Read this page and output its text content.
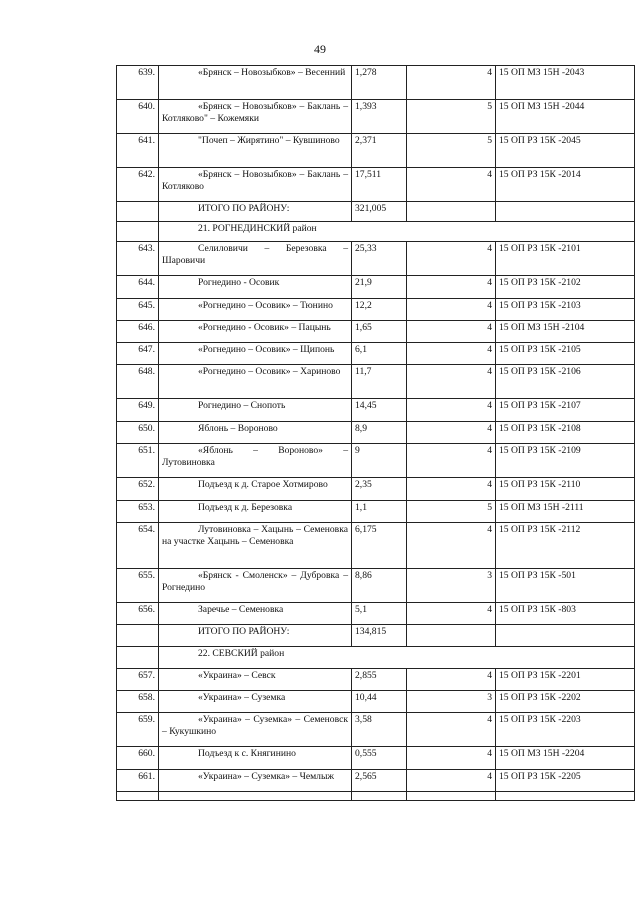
49
639.	«Брянск – Новозыбков» – Весенний	1,278	4	15 ОП МЗ 15Н -2043
640.	«Брянск – Новозыбков» – Баклань – Котляково" – Кожемяки	1,393	5	15 ОП МЗ 15Н -2044
641.	"Почеп – Жирятино" – Кувшиново	2,371	5	15 ОП РЗ 15К -2045
642.	«Брянск – Новозыбков» – Баклань – Котляково	17,511	4	15 ОП РЗ 15К -2014
	ИТОГО ПО РАЙОНУ:	321,005		
	21. РОГНЕДИНСКИЙ район			
643.	Селиловичи – Березовка – Шаровичи	25,33	4	15 ОП РЗ 15К -2101
644.	Рогнедино - Осовик	21,9	4	15 ОП РЗ 15К -2102
645.	«Рогнедино – Осовик» – Тюнино	12,2	4	15 ОП РЗ 15К -2103
646.	«Рогнедино - Осовик» – Пацынь	1,65	4	15 ОП МЗ 15Н -2104
647.	«Рогнедино – Осовик» – Щипонь	6,1	4	15 ОП РЗ 15К -2105
648.	«Рогнедино – Осовик» – Хариново	11,7	4	15 ОП РЗ 15К -2106
649.	Рогнедино – Снопоть	14,45	4	15 ОП РЗ 15К -2107
650.	Яблонь – Вороново	8,9	4	15 ОП РЗ 15К -2108
651.	«Яблонь – Вороново» – Лутовиновка	9	4	15 ОП РЗ 15К -2109
652.	Подъезд к д. Старое Хотмирово	2,35	4	15 ОП РЗ 15К -2110
653.	Подъезд к д. Березовка	1,1	5	15 ОП МЗ 15Н -2111
654.	Лутовиновка – Хацынь – Семеновка на участке Хацынь – Семеновка	6,175	4	15 ОП РЗ 15К -2112
655.	«Брянск - Смоленск» – Дубровка – Рогнедино	8,86	3	15 ОП РЗ 15К -501
656.	Заречье – Семеновка	5,1	4	15 ОП РЗ 15К -803
	ИТОГО ПО РАЙОНУ:	134,815		
	22. СЕВСКИЙ район			
657.	«Украина» – Севск	2,855	4	15 ОП РЗ 15К -2201
658.	«Украина» – Суземка	10,44	3	15 ОП РЗ 15К -2202
659.	«Украина» – Суземка» – Семеновск – Кукушкино	3,58	4	15 ОП РЗ 15К -2203
660.	Подъезд к с. Княгинино	0,555	4	15 ОП МЗ 15Н -2204
661.	«Украина» – Суземка» – Чемлыж	2,565	4	15 ОП РЗ 15К -2205
